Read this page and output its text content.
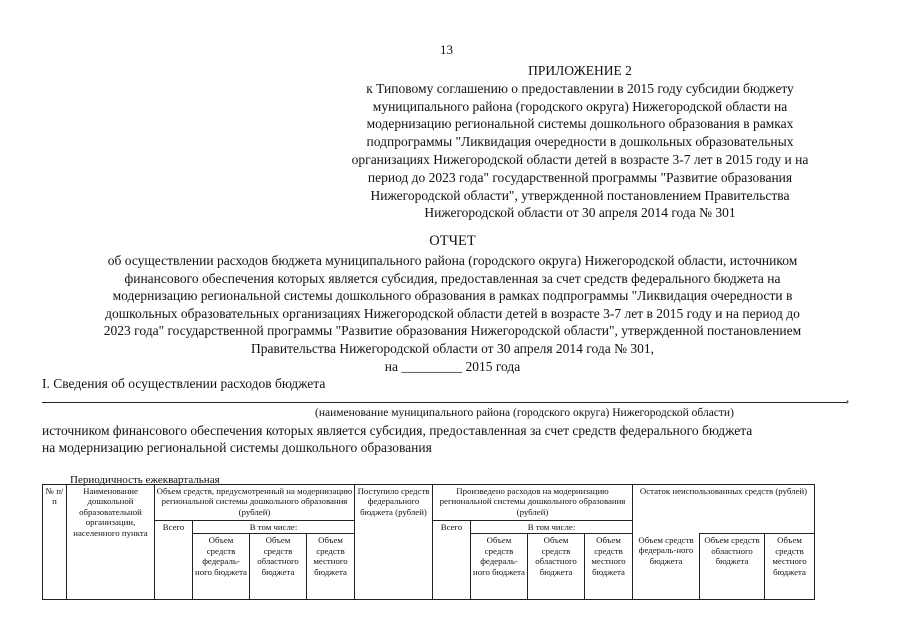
13
ПРИЛОЖЕНИЕ 2
к Типовому соглашению о предоставлении в 2015 году субсидии бюджету
муниципального района (городского округа) Нижегородской области на
модернизацию региональной системы дошкольного образования в рамках
подпрограммы "Ликвидация очередности в дошкольных образовательных
организациях Нижегородской области детей в возрасте 3-7 лет в 2015 году и на
период до 2023 года" государственной программы "Развитие образования
Нижегородской области", утвержденной постановлением Правительства
Нижегородской области от 30 апреля 2014 года № 301
ОТЧЕТ
об осуществлении расходов бюджета муниципального района (городского округа) Нижегородской области, источником
финансового обеспечения которых является субсидия, предоставленная за счет средств федерального бюджета на
модернизацию региональной системы дошкольного образования в рамках подпрограммы "Ликвидация очередности в
дошкольных образовательных организациях Нижегородской области детей в возрасте 3-7 лет в 2015 году и на период до
2023 года" государственной программы "Развитие образования Нижегородской области", утвержденной постановлением
Правительства Нижегородской области от 30 апреля 2014 года № 301,
на _________ 2015 года
I. Сведения об осуществлении расходов бюджета
,
(наименование муниципального района (городского округа) Нижегородской области)
источником финансового обеспечения которых является субсидия, предоставленная за счет средств федерального бюджета
на модернизацию региональной системы дошкольного образования
Периодичность ежеквартальная
№ п/п	Наименование дошкольной образовательной организации, населенного пункта	Объем средств, предусмотренный на модернизацию региональной системы дошкольного образования (рублей)				Поступило средств федерального бюджета (рублей)	Произведено расходов на модернизацию региональной системы дошкольного образования (рублей)				Остаток неиспользованных средств (рублей)		
		Всего	В том числе:				Всего	В том числе:					
			Объем средств федераль-ного бюджета	Объем средств областного бюджета	Объем средств местного бюджета			Объем средств федераль-ного бюджета	Объем средств областного бюджета	Объем средств местного бюджета	Объем средств федераль-ного бюджета	Объем средств областного бюджета	Объем средств местного бюджета
